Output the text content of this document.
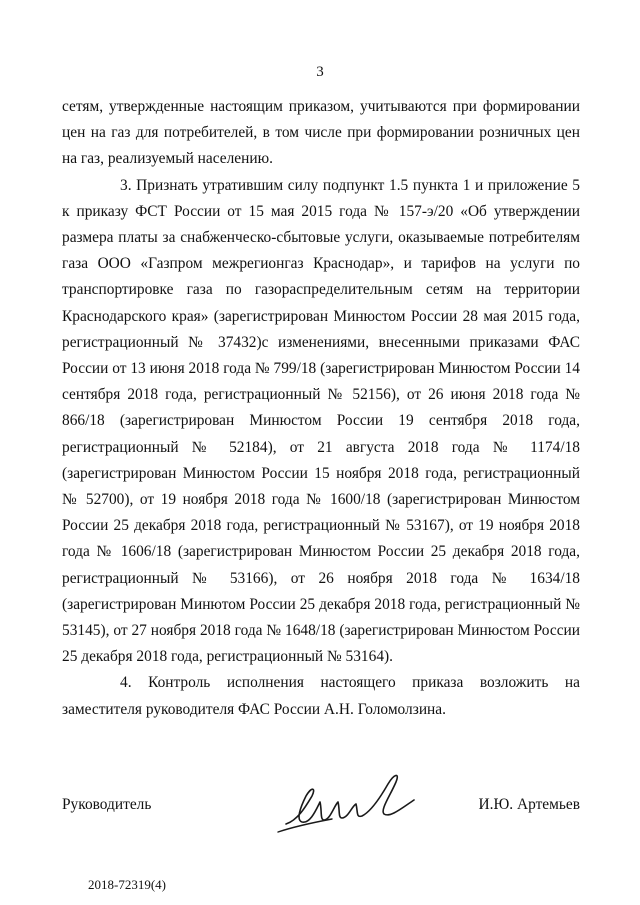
3

сетям, утвержденные настоящим приказом, учитываются при формировании цен на газ для потребителей, в том числе при формировании розничных цен на газ, реализуемый населению.

3. Признать утратившим силу подпункт 1.5 пункта 1 и приложение 5 к приказу ФСТ России от 15 мая 2015 года № 157-э/20 «Об утверждении размера платы за снабженческо-сбытовые услуги, оказываемые потребителям газа ООО «Газпром межрегионгаз Краснодар», и тарифов на услуги по транспортировке газа по газораспределительным сетям на территории Краснодарского края» (зарегистрирован Минюстом России 28 мая 2015 года, регистрационный № 37432)с изменениями, внесенными приказами ФАС России от 13 июня 2018 года № 799/18 (зарегистрирован Минюстом России 14 сентября 2018 года, регистрационный № 52156), от 26 июня 2018 года № 866/18 (зарегистрирован Минюстом России 19 сентября 2018 года, регистрационный № 52184), от 21 августа 2018 года № 1174/18 (зарегистрирован Минюстом России 15 ноября 2018 года, регистрационный № 52700), от 19 ноября 2018 года № 1600/18 (зарегистрирован Минюстом России 25 декабря 2018 года, регистрационный № 53167), от 19 ноября 2018 года № 1606/18 (зарегистрирован Минюстом России 25 декабря 2018 года, регистрационный № 53166), от 26 ноября 2018 года № 1634/18 (зарегистрирован Минютом России 25 декабря 2018 года, регистрационный № 53145), от 27 ноября 2018 года № 1648/18 (зарегистрирован Минюстом России 25 декабря 2018 года, регистрационный № 53164).

4. Контроль исполнения настоящего приказа возложить на заместителя руководителя ФАС России А.Н. Голомолзина.

Руководитель	И.Ю. Артемьев
2018-72319(4)
